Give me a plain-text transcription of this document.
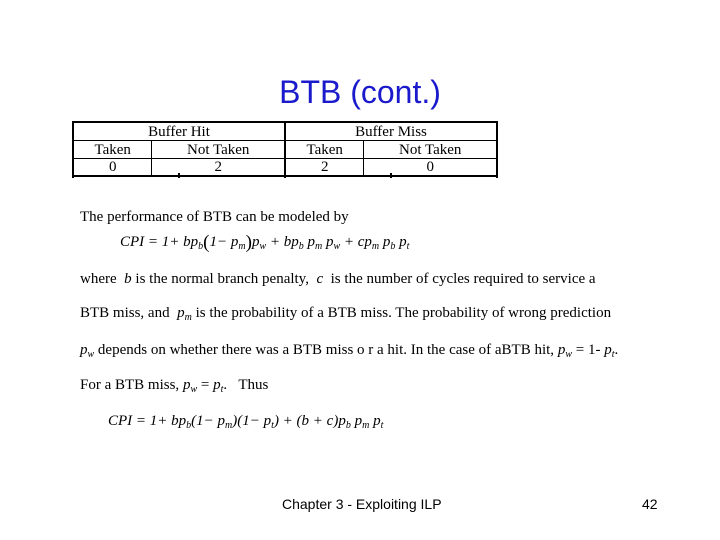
BTB (cont.)
Buffer Hit		Buffer Miss	
Taken	Not Taken	Taken	Not Taken
0	2	2	0
The performance of BTB can be modeled by
CPI = $1+ bp_b(1- p_m)p_w + bp_b$ $p_m$ $p_w + cp_m$ $p_b$ $p_t$
where b is the normal branch penalty, c is the number of cycles required to service a
BTB miss, and $p_m$ is the probability of a BTB miss. The probability of wrong prediction
$p_w$ depends on whether there was a BTB miss o r a hit. In the case of aBTB hit, $p_w = 1-$ $p_t$.
For a BTB miss, $p_w = p_t$.   Thus
CPI = $1+ bp_b(1- p_m)(1- p_t) + (b + c)p_b$ $p_m$ $p_t$
Chapter 3 - Exploiting ILP	42
